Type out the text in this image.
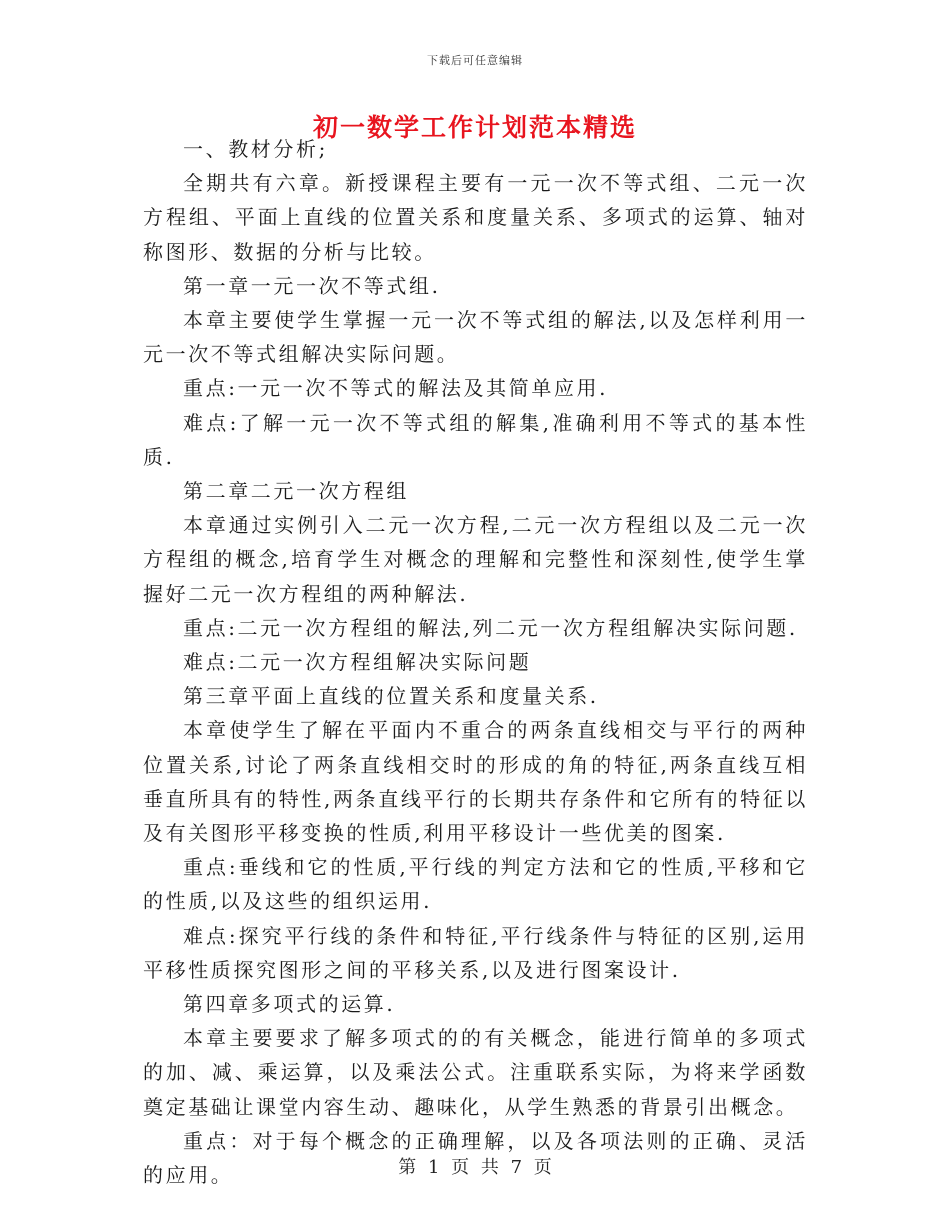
下载后可任意编辑
初一数学工作计划范本精选

一、教材分析;

全期共有六章。新授课程主要有一元一次不等式组、二元一次方程组、平面上直线的位置关系和度量关系、多项式的运算、轴对称图形、数据的分析与比较。

第一章一元一次不等式组.

本章主要使学生掌握一元一次不等式组的解法,以及怎样利用一元一次不等式组解决实际问题。

重点:一元一次不等式的解法及其简单应用.

难点:了解一元一次不等式组的解集,准确利用不等式的基本性质.

第二章二元一次方程组

本章通过实例引入二元一次方程,二元一次方程组以及二元一次方程组的概念,培育学生对概念的理解和完整性和深刻性,使学生掌握好二元一次方程组的两种解法.

重点:二元一次方程组的解法,列二元一次方程组解决实际问题.

难点:二元一次方程组解决实际问题

第三章平面上直线的位置关系和度量关系.

本章使学生了解在平面内不重合的两条直线相交与平行的两种位置关系,讨论了两条直线相交时的形成的角的特征,两条直线互相垂直所具有的特性,两条直线平行的长期共存条件和它所有的特征以及有关图形平移变换的性质,利用平移设计一些优美的图案.

重点:垂线和它的性质,平行线的判定方法和它的性质,平移和它的性质,以及这些的组织运用.

难点:探究平行线的条件和特征,平行线条件与特征的区别,运用平移性质探究图形之间的平移关系,以及进行图案设计.

第四章多项式的运算.

本章主要要求了解多项式的的有关概念，能进行简单的多项式的加、减、乘运算，以及乘法公式。注重联系实际，为将来学函数奠定基础让课堂内容生动、趣味化，从学生熟悉的背景引出概念。

重点：对于每个概念的正确理解，以及各项法则的正确、灵活的应用。	第 1 页 共 7 页
